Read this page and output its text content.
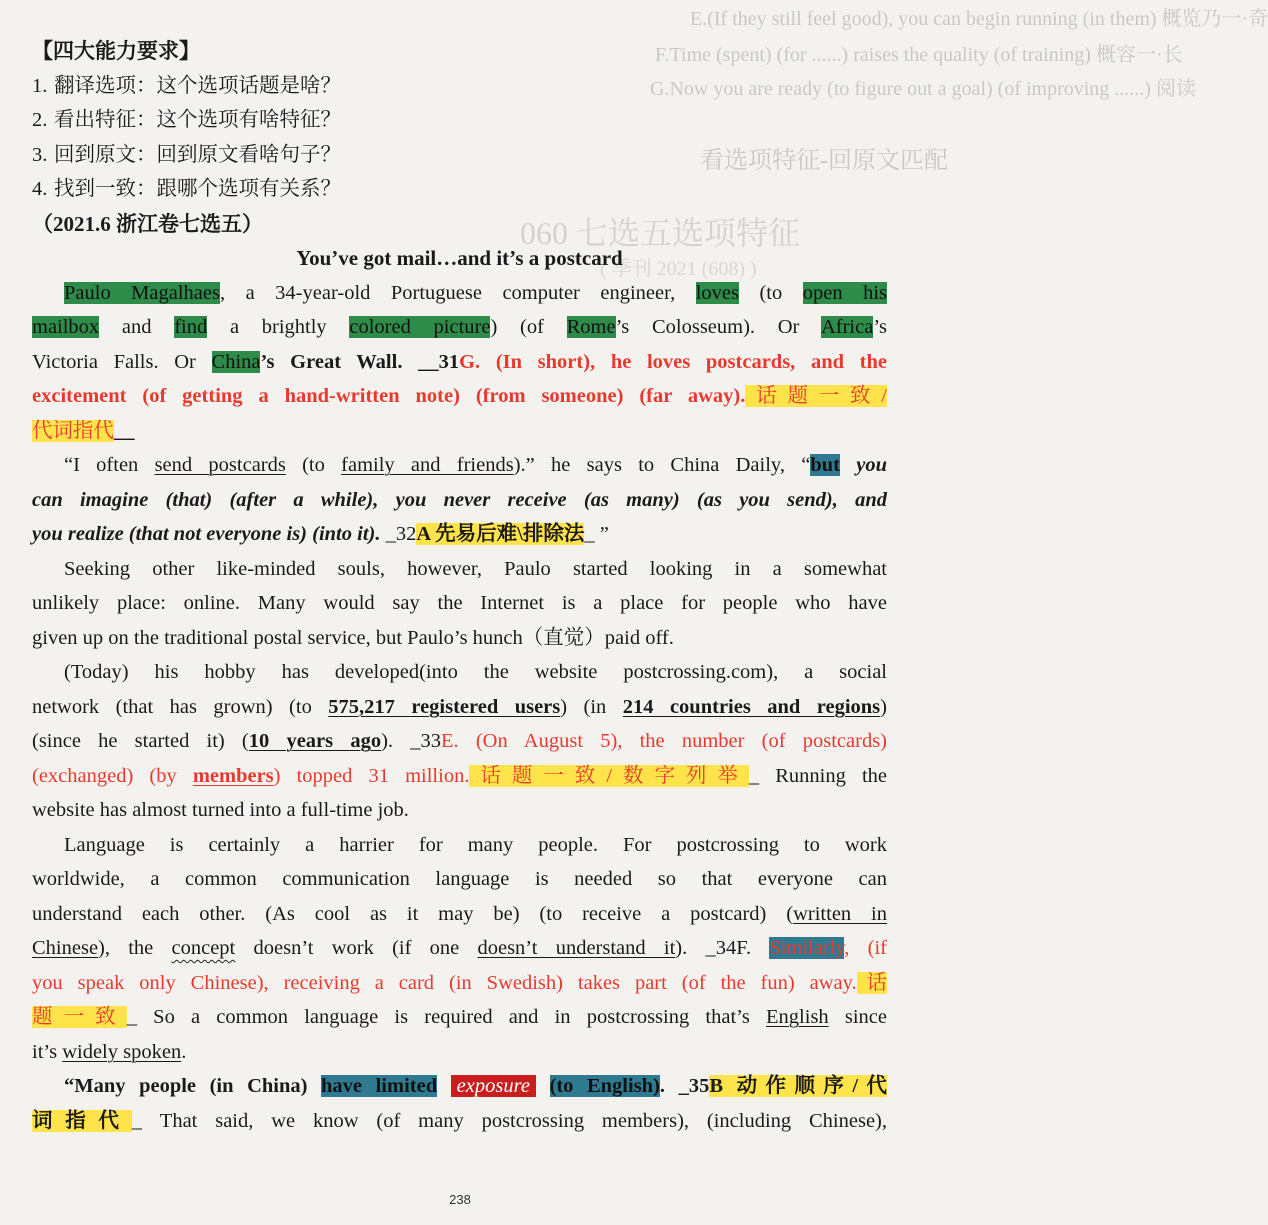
E.(If they still feel good), you can begin running (in them) 概览乃一·奇
F.Time (spent) (for ......) raises the quality (of training) 概容一·长
G.Now you are ready (to figure out a goal) (of improving ......) 阅读
看选项特征-回原文匹配
060 七选五选项特征
( 季刊 2021 (608) )
【四大能力要求】
1. 翻译选项：这个选项话题是啥？
2. 看出特征：这个选项有啥特征？
3. 回到原文：回到原文看啥句子？
4. 找到一致：跟哪个选项有关系？
（2021.6 浙江卷七选五）
You’ve got mail…and it’s a postcard
Paulo Magalhaes, a 34-year-old Portuguese computer engineer, loves (to open his
mailbox and find a brightly colored picture) (of Rome’s Colosseum). Or Africa’s
Victoria Falls. Or China’s Great Wall. __31G. (In short), he loves postcards, and the
excitement (of getting a hand-written note) (from someone) (far away).话题一致/
代词指代__
“I often send postcards (to family and friends).” he says to China Daily, “but you
can imagine (that) (after a while), you never receive (as many) (as you send), and
you realize (that not everyone is) (into it). _32A 先易后难\排除法_ ”
Seeking other like-minded souls, however, Paulo started looking in a somewhat
unlikely place: online. Many would say the Internet is a place for people who have
given up on the traditional postal service, but Paulo’s hunch（直觉）paid off.
(Today) his hobby has developed(into the website postcrossing.com), a social
network (that has grown) (to 575,217 registered users) (in 214 countries and regions)
(since he started it) (10 years ago). _33E. (On August 5), the number (of postcards)
(exchanged) (by members) topped 31 million.话题一致/数字列举_ Running the
website has almost turned into a full-time job.
Language is certainly a harrier for many people. For postcrossing to work
worldwide, a common communication language is needed so that everyone can
understand each other. (As cool as it may be) (to receive a postcard) (written in
Chinese), the concept doesn’t work (if one doesn’t understand it). _34F. Similarly, (if
you speak only Chinese), receiving a card (in Swedish) takes part (of the fun) away.话
题一致_ So a common language is required and in postcrossing that’s English since
it’s widely spoken.
“Many people (in China) have limited exposure (to English). _35B 动作顺序/代
词指代_ That said, we know (of many postcrossing members), (including Chinese),
238
